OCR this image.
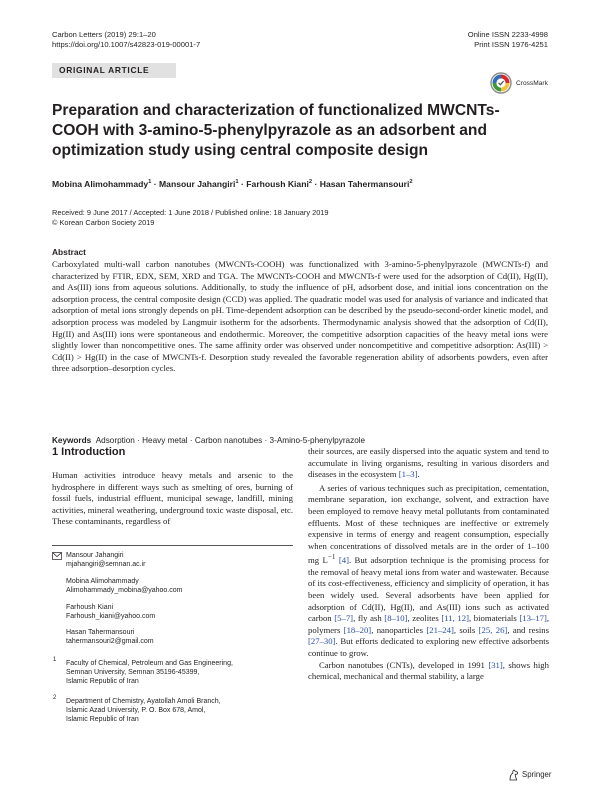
Carbon Letters (2019) 29:1–20
https://doi.org/10.1007/s42823-019-00001-7
Online ISSN 2233-4998
Print ISSN 1976-4251
ORIGINAL ARTICLE
CrossMark
Preparation and characterization of functionalized MWCNTs-COOH with 3-amino-5-phenylpyrazole as an adsorbent and optimization study using central composite design
Mobina Alimohammady$^1$ · Mansour Jahangiri$^1$ · Farhoush Kiani$^2$ · Hasan Tahermansouri$^2$
Received: 9 June 2017 / Accepted: 1 June 2018 / Published online: 18 January 2019
© Korean Carbon Society 2019
Abstract
Carboxylated multi-wall carbon nanotubes (MWCNTs-COOH) was functionalized with 3-amino-5-phenylpyrazole (MWCNTs-f) and characterized by FTIR, EDX, SEM, XRD and TGA. The MWCNTs-COOH and MWCNTs-f were used for the adsorption of Cd(II), Hg(II), and As(III) ions from aqueous solutions. Additionally, to study the influence of pH, adsorbent dose, and initial ions concentration on the adsorption process, the central composite design (CCD) was applied. The quadratic model was used for analysis of variance and indicated that adsorption of metal ions strongly depends on pH. Time-dependent adsorption can be described by the pseudo-second-order kinetic model, and adsorption process was modeled by Langmuir isotherm for the adsorbents. Thermodynamic analysis showed that the adsorption of Cd(II), Hg(II) and As(III) ions were spontaneous and endothermic. Moreover, the competitive adsorption capacities of the heavy metal ions were slightly lower than noncompetitive ones. The same affinity order was observed under noncompetitive and competitive adsorption: As(III) > Cd(II) > Hg(II) in the case of MWCNTs-f. Desorption study revealed the favorable regeneration ability of adsorbents powders, even after three adsorption–desorption cycles.
Keywords Adsorption · Heavy metal · Carbon nanotubes · 3-Amino-5-phenylpyrazole
1 Introduction

Human activities introduce heavy metals and arsenic to the hydrosphere in different ways such as smelting of ores, burning of fossil fuels, industrial effluent, municipal sewage, landfill, mining activities, mineral weathering, underground toxic waste disposal, etc. These contaminants, regardless of

their sources, are easily dispersed into the aquatic system and tend to accumulate in living organisms, resulting in various disorders and diseases in the ecosystem [1–3].

A series of various techniques such as precipitation, cementation, membrane separation, ion exchange, solvent, and extraction have been employed to remove heavy metal pollutants from contaminated effluents. Most of these techniques are ineffective or extremely expensive in terms of energy and reagent consumption, especially when concentrations of dissolved metals are in the order of 1–100 mg $L^{-1}$ [4]. But adsorption technique is the promising process for the removal of heavy metal ions from water and wastewater. Because of its cost-effectiveness, efficiency and simplicity of operation, it has been widely used. Several adsorbents have been applied for adsorption of Cd(II), Hg(II), and As(III) ions such as activated carbon [5–7], fly ash [8–10], zeolites [11, 12], biomaterials [13–17], polymers [18–20], nanoparticles [21–24], soils [25, 26], and resins [27–30]. But efforts dedicated to exploring new effective adsorbents continue to grow.

Carbon nanotubes (CNTs), developed in 1991 [31], shows high chemical, mechanical and thermal stability, a large

Mansour Jahangiri
mjahangiri@semnan.ac.ir
Mobina Alimohammady
Alimohammady_mobina@yahoo.com
Farhoush Kiani
Farhoush_kiani@yahoo.com
Hasan Tahermansouri
tahermansouri2@gmail.com
1 Faculty of Chemical, Petroleum and Gas Engineering,
Semnan University, Semnan 35196-45399,
Islamic Republic of Iran
2 Department of Chemistry, Ayatollah Amoli Branch,
Islamic Azad University, P. O. Box 678, Amol,
Islamic Republic of Iran
Springer
